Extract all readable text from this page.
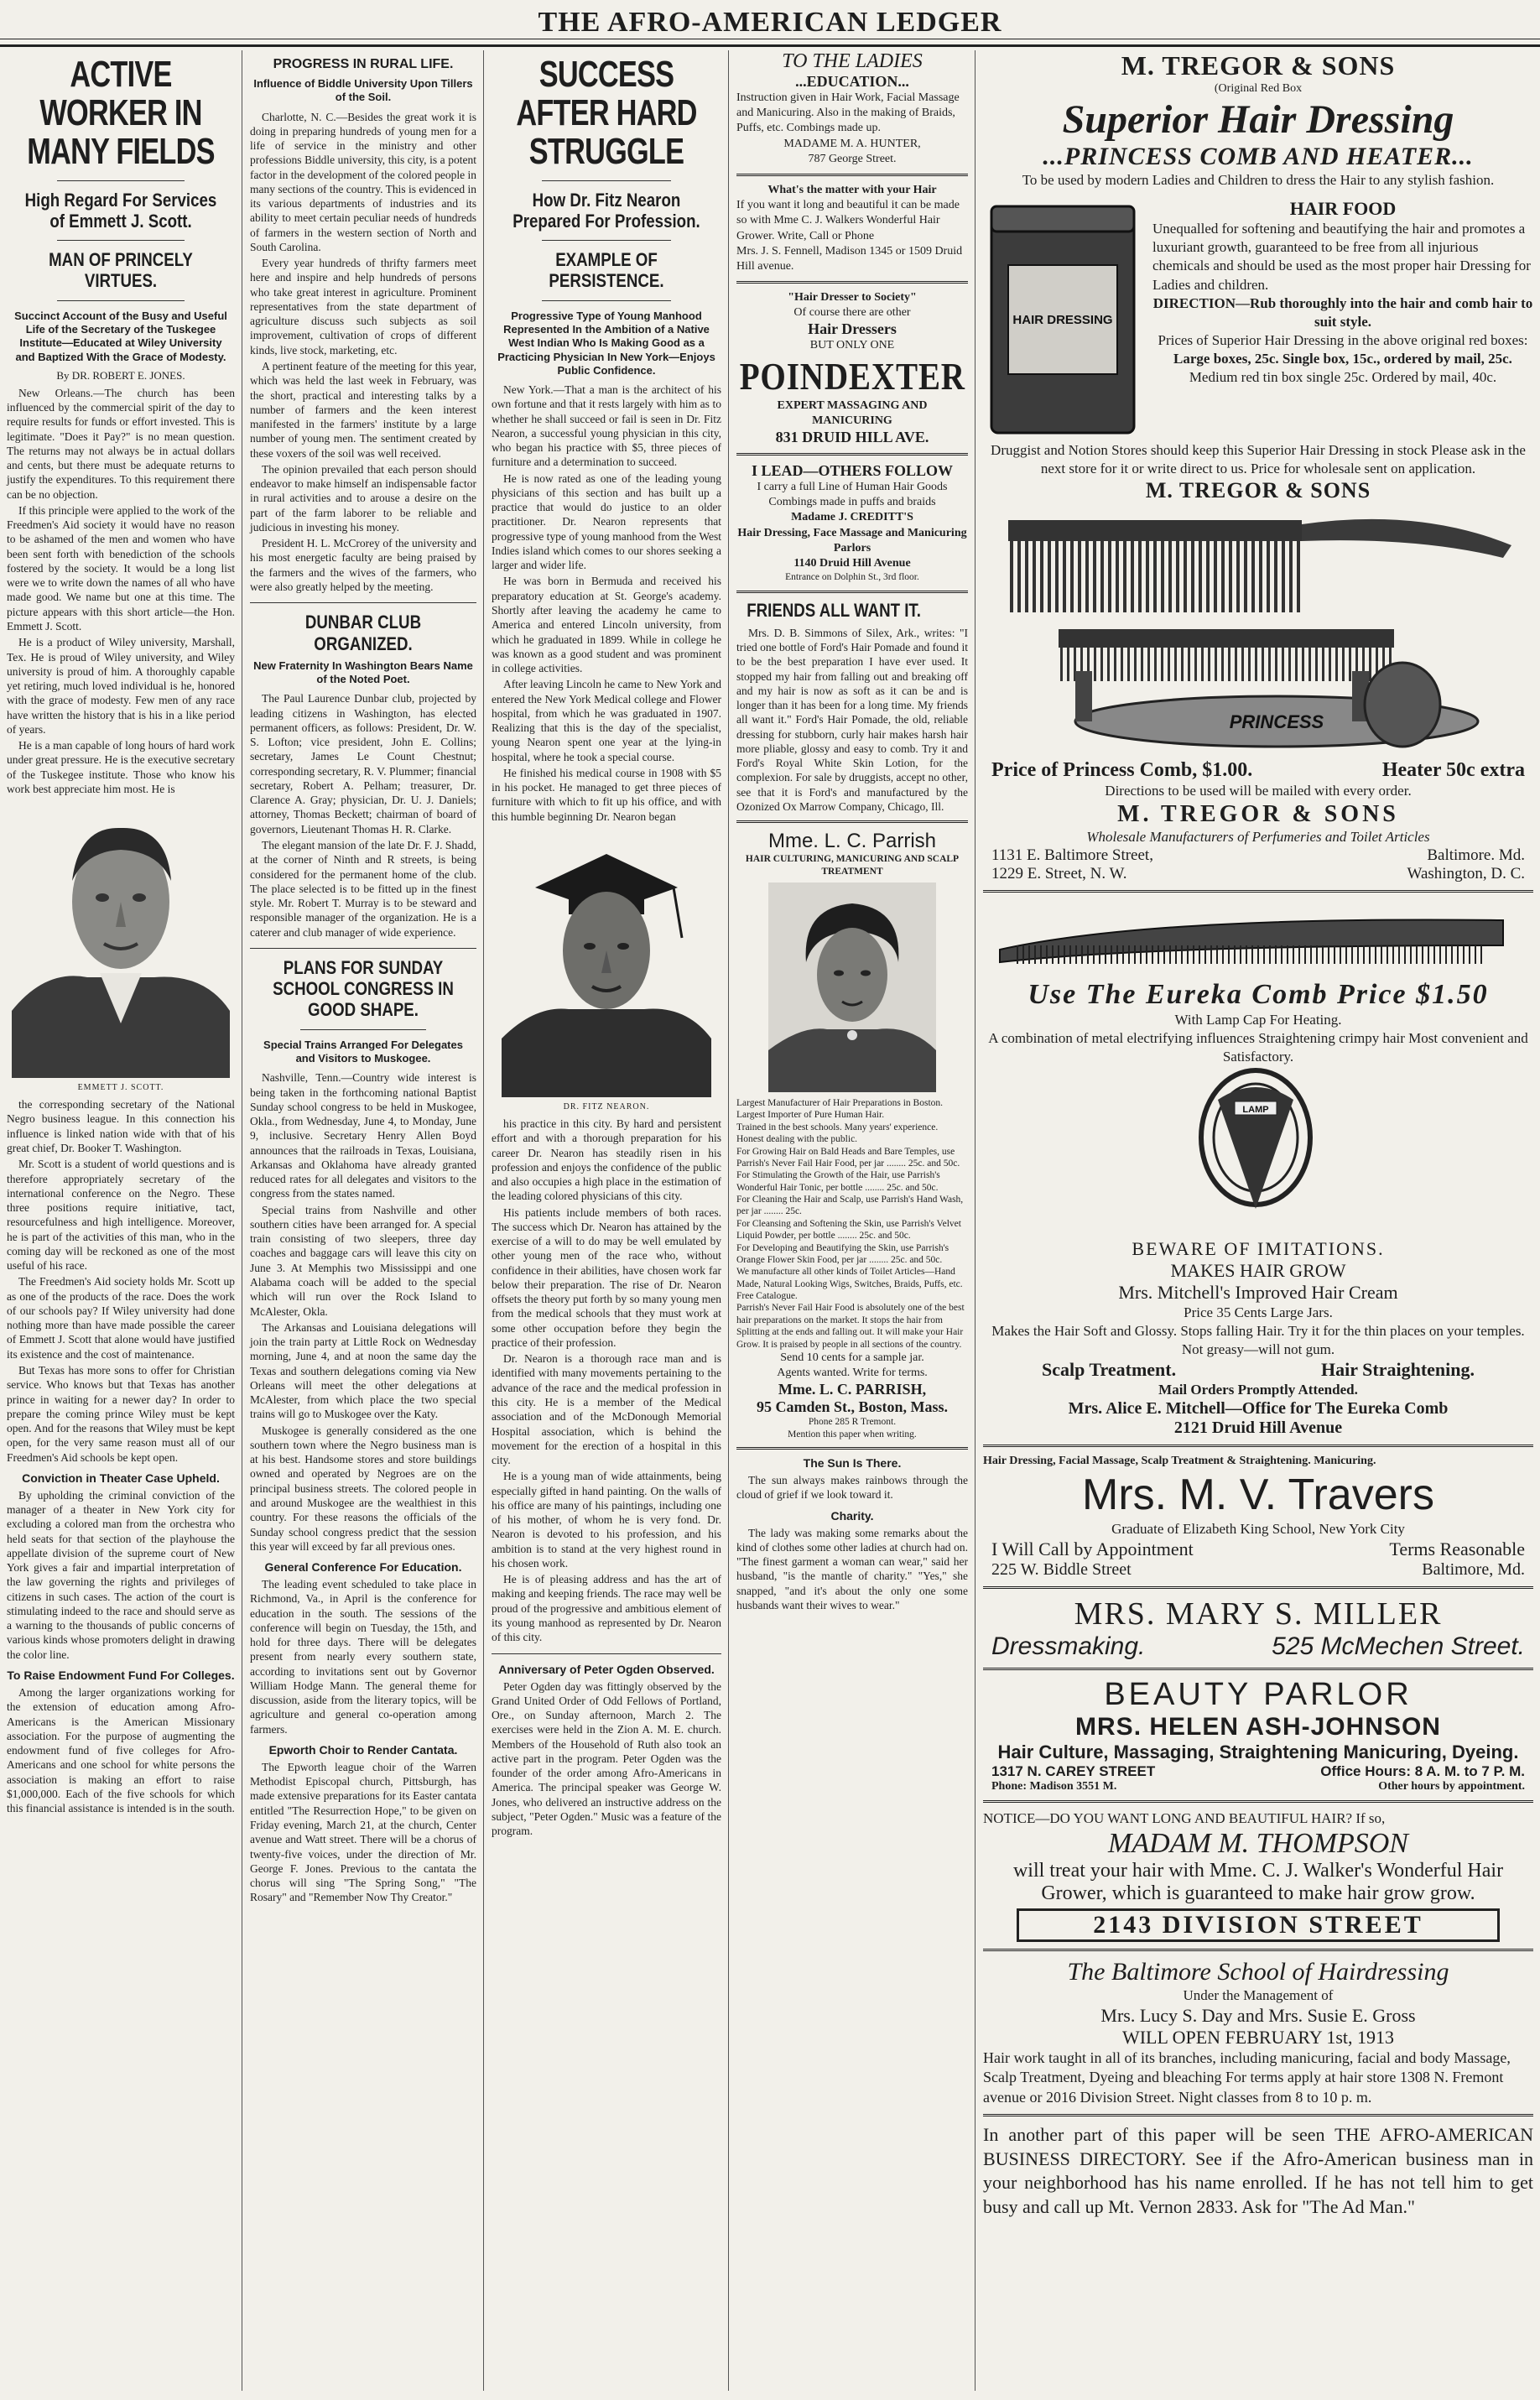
THE AFRO-AMERICAN LEDGER
ACTIVE WORKER IN MANY FIELDS
High Regard For Services of Emmett J. Scott.
MAN OF PRINCELY VIRTUES.
Succinct Account of the Busy and Useful Life of the Secretary of the Tuskegee Institute—Educated at Wiley University and Baptized With the Grace of Modesty.
By DR. ROBERT E. JONES.

New Orleans.—The church has been influenced by the commercial spirit of the day to require results for funds or effort invested. This is legitimate. "Does it Pay?" is no mean question. The returns may not always be in actual dollars and cents, but there must be adequate returns to justify the expenditures. To this requirement there can be no objection.

If this principle were applied to the work of the Freedmen's Aid society it would have no reason to be ashamed of the men and women who have been sent forth with benediction of the schools fostered by the society. It would be a long list were we to write down the names of all who have made good. We name but one at this time. The picture appears with this short article—the Hon. Emmett J. Scott.

He is a product of Wiley university, Marshall, Tex. He is proud of Wiley university, and Wiley university is proud of him. A thoroughly capable yet retiring, much loved individual is he, honored with the grace of modesty. Few men of any race have written the history that is his in a like period of years.

He is a man capable of long hours of hard work under great pressure. He is the executive secretary of the Tuskegee institute. Those who know his work best appreciate him most. He is

EMMETT J. SCOTT.

the corresponding secretary of the National Negro business league. In this connection his influence is linked nation wide with that of his great chief, Dr. Booker T. Washington.

Mr. Scott is a student of world questions and is therefore appropriately secretary of the international conference on the Negro. These three positions require initiative, tact, resourcefulness and high intelligence. Moreover, he is part of the activities of this man, who in the coming day will be reckoned as one of the most useful of his race.

The Freedmen's Aid society holds Mr. Scott up as one of the products of the race. Does the work of our schools pay? If Wiley university had done nothing more than have made possible the career of Emmett J. Scott that alone would have justified its existence and the cost of maintenance.

But Texas has more sons to offer for Christian service. Who knows but that Texas has another prince in waiting for a newer day? In order to prepare the coming prince Wiley must be kept open. And for the reasons that Wiley must be kept open, for the very same reason must all of our Freedmen's Aid schools be kept open.

Conviction in Theater Case Upheld.

By upholding the criminal conviction of the manager of a theater in New York city for excluding a colored man from the orchestra who held seats for that section of the playhouse the appellate division of the supreme court of New York gives a fair and impartial interpretation of the law governing the rights and privileges of citizens in such cases. The action of the court is stimulating indeed to the race and should serve as a warning to the thousands of public concerns of various kinds whose promoters delight in drawing the color line.

To Raise Endowment Fund For Colleges.

Among the larger organizations working for the extension of education among Afro-Americans is the American Missionary association. For the purpose of augmenting the endowment fund of five colleges for Afro-Americans and one school for white persons the association is making an effort to raise $1,000,000. Each of the five schools for which this financial assistance is intended is in the south.

PROGRESS IN RURAL LIFE.
Influence of Biddle University Upon Tillers of the Soil.

Charlotte, N. C.—Besides the great work it is doing in preparing hundreds of young men for a life of service in the ministry and other professions Biddle university, this city, is a potent factor in the development of the colored people in many sections of the country. This is evidenced in its various departments of industries and its ability to meet certain peculiar needs of hundreds of farmers in the western section of North and South Carolina.

Every year hundreds of thrifty farmers meet here and inspire and help hundreds of persons who take great interest in agriculture. Prominent representatives from the state department of agriculture discuss such subjects as soil improvement, cultivation of crops of different kinds, live stock, marketing, etc.

A pertinent feature of the meeting for this year, which was held the last week in February, was the short, practical and interesting talks by a number of farmers and the keen interest manifested in the farmers' institute by a large number of young men. The sentiment created by these voxers of the soil was well received.

The opinion prevailed that each person should endeavor to make himself an indispensable factor in rural activities and to arouse a desire on the part of the farm laborer to be reliable and judicious in investing his money.

President H. L. McCrorey of the university and his most energetic faculty are being praised by the farmers and the wives of the farmers, who were also greatly helped by the meeting.

DUNBAR CLUB ORGANIZED.
New Fraternity In Washington Bears Name of the Noted Poet.

The Paul Laurence Dunbar club, projected by leading citizens in Washington, has elected permanent officers, as follows: President, Dr. W. S. Lofton; vice president, John E. Collins; secretary, James Le Count Chestnut; corresponding secretary, R. V. Plummer; financial secretary, Robert A. Pelham; treasurer, Dr. Clarence A. Gray; physician, Dr. U. J. Daniels; attorney, Thomas Beckett; chairman of board of governors, Lieutenant Thomas H. R. Clarke.

The elegant mansion of the late Dr. F. J. Shadd, at the corner of Ninth and R streets, is being considered for the permanent home of the club. The place selected is to be fitted up in the finest style. Mr. Robert T. Murray is to be steward and responsible manager of the organization. He is a caterer and club manager of wide experience.

PLANS FOR SUNDAY SCHOOL CONGRESS IN GOOD SHAPE.
Special Trains Arranged For Delegates and Visitors to Muskogee.

Nashville, Tenn.—Country wide interest is being taken in the forthcoming national Baptist Sunday school congress to be held in Muskogee, Okla., from Wednesday, June 4, to Monday, June 9, inclusive. Secretary Henry Allen Boyd announces that the railroads in Texas, Louisiana, Arkansas and Oklahoma have already granted reduced rates for all delegates and visitors to the congress from the states named.

Special trains from Nashville and other southern cities have been arranged for. A special train consisting of two sleepers, three day coaches and baggage cars will leave this city on June 3. At Memphis two Mississippi and one Alabama coach will be added to the special which will run over the Rock Island to McAlester, Okla.

The Arkansas and Louisiana delegations will join the train party at Little Rock on Wednesday morning, June 4, and at noon the same day the Texas and southern delegations coming via New Orleans will meet the other delegations at McAlester, from which place the two special trains will go to Muskogee over the Katy.

Muskogee is generally considered as the one southern town where the Negro business man is at his best. Handsome stores and store buildings owned and operated by Negroes are on the principal business streets. The colored people in and around Muskogee are the wealthiest in this country. For these reasons the officials of the Sunday school congress predict that the session this year will exceed by far all previous ones.

General Conference For Education.

The leading event scheduled to take place in Richmond, Va., in April is the conference for education in the south. The sessions of the conference will begin on Tuesday, the 15th, and hold for three days. There will be delegates present from nearly every southern state, according to invitations sent out by Governor William Hodge Mann. The general theme for discussion, aside from the literary topics, will be agriculture and general co-operation among farmers.

Epworth Choir to Render Cantata.

The Epworth league choir of the Warren Methodist Episcopal church, Pittsburgh, has made extensive preparations for its Easter cantata entitled "The Resurrection Hope," to be given on Friday evening, March 21, at the church, Center avenue and Watt street. There will be a chorus of twenty-five voices, under the direction of Mr. George F. Jones. Previous to the cantata the chorus will sing "The Spring Song," "The Rosary" and "Remember Now Thy Creator."

SUCCESS AFTER HARD STRUGGLE
How Dr. Fitz Nearon Prepared For Profession.
EXAMPLE OF PERSISTENCE.
Progressive Type of Young Manhood Represented In the Ambition of a Native West Indian Who Is Making Good as a Practicing Physician In New York—Enjoys Public Confidence.

New York.—That a man is the architect of his own fortune and that it rests largely with him as to whether he shall succeed or fail is seen in Dr. Fitz Nearon, a successful young physician in this city, who began his practice with $5, three pieces of furniture and a determination to succeed.

He is now rated as one of the leading young physicians of this section and has built up a practice that would do justice to an older practitioner. Dr. Nearon represents that progressive type of young manhood from the West Indies island which comes to our shores seeking a larger and wider life.

He was born in Bermuda and received his preparatory education at St. George's academy. Shortly after leaving the academy he came to America and entered Lincoln university, from which he graduated in 1899. While in college he was known as a good student and was prominent in college activities.

After leaving Lincoln he came to New York and entered the New York Medical college and Flower hospital, from which he was graduated in 1907. Realizing that this is the day of the specialist, young Nearon spent one year at the lying-in hospital, where he took a special course.

He finished his medical course in 1908 with $5 in his pocket. He managed to get three pieces of furniture with which to fit up his office, and with this humble beginning Dr. Nearon began

DR. FITZ NEARON.

his practice in this city. By hard and persistent effort and with a thorough preparation for his career Dr. Nearon has steadily risen in his profession and enjoys the confidence of the public and also occupies a high place in the estimation of the leading colored physicians of this city.

His patients include members of both races. The success which Dr. Nearon has attained by the exercise of a will to do may be well emulated by other young men of the race who, without confidence in their abilities, have chosen work far below their preparation. The rise of Dr. Nearon offsets the theory put forth by so many young men from the medical schools that they must work at some other occupation before they begin the practice of their profession.

Dr. Nearon is a thorough race man and is identified with many movements pertaining to the advance of the race and the medical profession in this city. He is a member of the Medical association and of the McDonough Memorial Hospital association, which is behind the movement for the erection of a hospital in this city.

He is a young man of wide attainments, being especially gifted in hand painting. On the walls of his office are many of his paintings, including one of his mother, of whom he is very fond. Dr. Nearon is devoted to his profession, and his ambition is to stand at the very highest round in his chosen work.

He is of pleasing address and has the art of making and keeping friends. The race may well be proud of the progressive and ambitious element of its young manhood as represented by Dr. Nearon of this city.

Anniversary of Peter Ogden Observed.

Peter Ogden day was fittingly observed by the Grand United Order of Odd Fellows of Portland, Ore., on Sunday afternoon, March 2. The exercises were held in the Zion A. M. E. church. Members of the Household of Ruth also took an active part in the program. Peter Ogden was the founder of the order among Afro-Americans in America. The principal speaker was George W. Jones, who delivered an instructive address on the subject, "Peter Ogden." Music was a feature of the program.

TO THE LADIES
...EDUCATION...
Instruction given in Hair Work, Facial Massage and Manicuring. Also in the making of Braids, Puffs, etc. Combings made up.
MADAME M. A. HUNTER,
787 George Street.
What's the matter with your Hair
If you want it long and beautiful it can be made so with Mme C. J. Walkers Wonderful Hair Grower. Write, Call or Phone
Mrs. J. S. Fennell, Madison 1345 or 1509 Druid Hill avenue.
"Hair Dresser to Society"
Of course there are other
Hair Dressers
BUT ONLY ONE
POINDEXTER
EXPERT MASSAGING AND MANICURING
831 DRUID HILL AVE.
I LEAD—OTHERS FOLLOW
I carry a full Line of Human Hair Goods Combings made in puffs and braids
Madame J. CREDITT'S
Hair Dressing, Face Massage and Manicuring Parlors
1140 Druid Hill Avenue
Entrance on Dolphin St., 3rd floor.
FRIENDS ALL WANT IT.

Mrs. D. B. Simmons of Silex, Ark., writes: "I tried one bottle of Ford's Hair Pomade and found it to be the best preparation I have ever used. It stopped my hair from falling out and breaking off and my hair is now as soft as it can be and is longer than it has been for a long time. My friends all want it." Ford's Hair Pomade, the old, reliable dressing for stubborn, curly hair makes harsh hair more pliable, glossy and easy to comb. Try it and Ford's Royal White Skin Lotion, for the complexion. For sale by druggists, accept no other, see that it is Ford's and manufactured by the Ozonized Ox Marrow Company, Chicago, Ill.

Mme. L. C. Parrish
HAIR CULTURING, MANICURING AND SCALP TREATMENT
Largest Manufacturer of Hair Preparations in Boston.
Largest Importer of Pure Human Hair.
Trained in the best schools. Many years' experience.
Honest dealing with the public.
For Growing Hair on Bald Heads and Bare Temples, use Parrish's Never Fail Hair Food, per jar ........ 25c. and 50c.
For Stimulating the Growth of the Hair, use Parrish's Wonderful Hair Tonic, per bottle ........ 25c. and 50c.
For Cleaning the Hair and Scalp, use Parrish's Hand Wash, per jar ........ 25c.
For Cleansing and Softening the Skin, use Parrish's Velvet Liquid Powder, per bottle ........ 25c. and 50c.
For Developing and Beautifying the Skin, use Parrish's Orange Flower Skin Food, per jar ........ 25c. and 50c.
We manufacture all other kinds of Toilet Articles—Hand Made, Natural Looking Wigs, Switches, Braids, Puffs, etc. Free Catalogue.
Parrish's Never Fail Hair Food is absolutely one of the best hair preparations on the market. It stops the hair from Splitting at the ends and falling out. It will make your Hair Grow. It is praised by people in all sections of the country.
Send 10 cents for a sample jar.
Agents wanted. Write for terms.
Mme. L. C. PARRISH,
95 Camden St., Boston, Mass.
Phone 285 R Tremont.
Mention this paper when writing.
The Sun Is There.

The sun always makes rainbows through the cloud of grief if we look toward it.

Charity.

The lady was making some remarks about the kind of clothes some other ladies at church had on. "The finest garment a woman can wear," said her husband, "is the mantle of charity." "Yes," she snapped, "and it's about the only one some husbands want their wives to wear."

M. TREGOR & SONS
(Original Red Box
Superior Hair Dressing
...PRINCESS COMB AND HEATER...
To be used by modern Ladies and Children to dress the Hair to any stylish fashion.
HAIR DRESSING
HAIR FOOD
Unequalled for softening and beautifying the hair and promotes a luxuriant growth, guaranteed to be free from all injurious chemicals and should be used as the most proper hair Dressing for Ladies and children.
DIRECTION—Rub thoroughly into the hair and comb hair to suit style.
Prices of Superior Hair Dressing in the above original red boxes:
Large boxes, 25c. Single box, 15c., ordered by mail, 25c.
Medium red tin box single 25c. Ordered by mail, 40c.
Druggist and Notion Stores should keep this Superior Hair Dressing in stock Please ask in the next store for it or write direct to us. Price for wholesale sent on application.
M. TREGOR & SONS
PRINCESS
Price of Princess Comb, $1.00.	Heater 50c extra
Directions to be used will be mailed with every order.
M. TREGOR & SONS
Wholesale Manufacturers of Perfumeries and Toilet Articles
1131 E. Baltimore Street,	Baltimore. Md.
1229 E. Street, N. W.	Washington, D. C.
Use The Eureka Comb Price $1.50
With Lamp Cap For Heating.
A combination of metal electrifying influences Straightening crimpy hair Most convenient and Satisfactory.
LAMP
BEWARE OF IMITATIONS.
MAKES HAIR GROW
Mrs. Mitchell's Improved Hair Cream
Price 35 Cents Large Jars.
Makes the Hair Soft and Glossy. Stops falling Hair. Try it for the thin places on your temples. Not greasy—will not gum.
Scalp Treatment.	Hair Straightening.
Mail Orders Promptly Attended.
Mrs. Alice E. Mitchell—Office for The Eureka Comb
2121 Druid Hill Avenue
Hair Dressing, Facial Massage, Scalp Treatment & Straightening. Manicuring.
Mrs. M. V. Travers
Graduate of Elizabeth King School, New York City
I Will Call by Appointment	Terms Reasonable
225 W. Biddle Street	Baltimore, Md.
MRS. MARY S. MILLER
Dressmaking.	525 McMechen Street.
BEAUTY PARLOR
MRS. HELEN ASH-JOHNSON
Hair Culture, Massaging, Straightening Manicuring, Dyeing.
1317 N. CAREY STREET	Office Hours: 8 A. M. to 7 P. M.
Phone: Madison 3551 M.	Other hours by appointment.
NOTICE—DO YOU WANT LONG AND BEAUTIFUL HAIR? If so,
MADAM M. THOMPSON
will treat your hair with Mme. C. J. Walker's Wonderful Hair Grower, which is guaranteed to make hair grow grow.
2143 DIVISION STREET
The Baltimore School of Hairdressing
Under the Management of
Mrs. Lucy S. Day and Mrs. Susie E. Gross
WILL OPEN FEBRUARY 1st, 1913
Hair work taught in all of its branches, including manicuring, facial and body Massage, Scalp Treatment, Dyeing and bleaching For terms apply at hair store 1308 N. Fremont avenue or 2016 Division Street. Night classes from 8 to 10 p. m.
In another part of this paper will be seen THE AFRO-AMERICAN BUSINESS DIRECTORY. See if the Afro-American business man in your neighborhood has his name enrolled. If he has not tell him to get busy and call up Mt. Vernon 2833. Ask for "The Ad Man."
